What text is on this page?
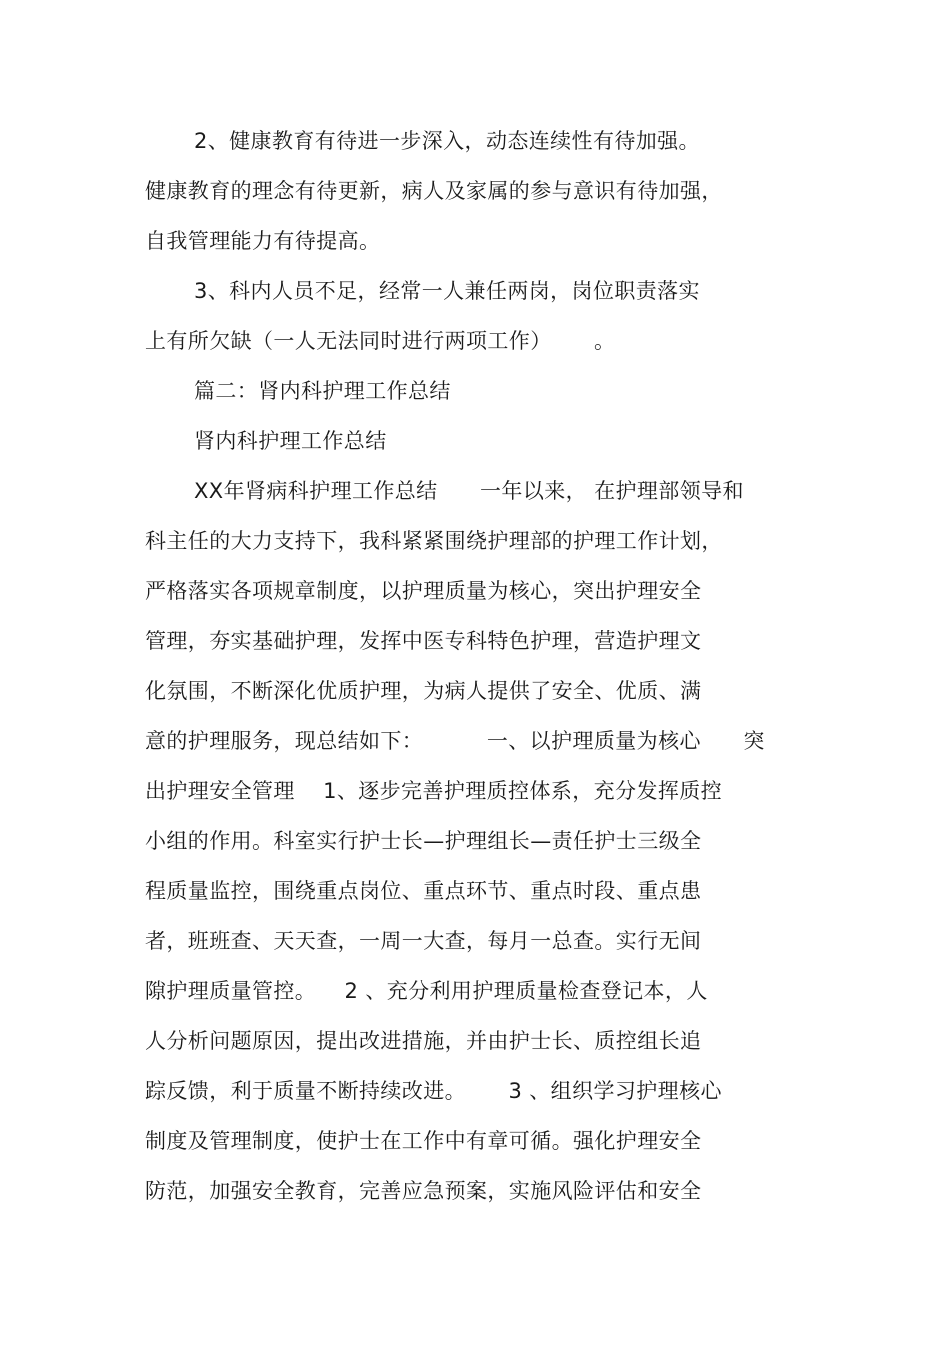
2、健康教育有待进一步深入，动态连续性有待加强。
健康教育的理念有待更新，病人及家属的参与意识有待加强，
自我管理能力有待提高。
3、科内人员不足，经常一人兼任两岗，岗位职责落实
上有所欠缺（一人无法同时进行两项工作）      。
篇二：肾内科护理工作总结
肾内科护理工作总结
XX年肾病科护理工作总结      一年以来， 在护理部领导和
科主任的大力支持下，我科紧紧围绕护理部的护理工作计划，
严格落实各项规章制度，以护理质量为核心，突出护理安全
管理，夯实基础护理，发挥中医专科特色护理，营造护理文
化氛围，不断深化优质护理，为病人提供了安全、优质、满
意的护理服务，现总结如下：         一、以护理质量为核心      突
出护理安全管理    1、逐步完善护理质控体系，充分发挥质控
小组的作用。科室实行护士长—护理组长—责任护士三级全
程质量监控，围绕重点岗位、重点环节、重点时段、重点患
者，班班查、天天查，一周一大查，每月一总查。实行无间
隙护理质量管控。    2 、充分利用护理质量检查登记本，人
人分析问题原因，提出改进措施，并由护士长、质控组长追
踪反馈，利于质量不断持续改进。      3 、组织学习护理核心
制度及管理制度，使护士在工作中有章可循。强化护理安全
防范，加强安全教育，完善应急预案，实施风险评估和安全
